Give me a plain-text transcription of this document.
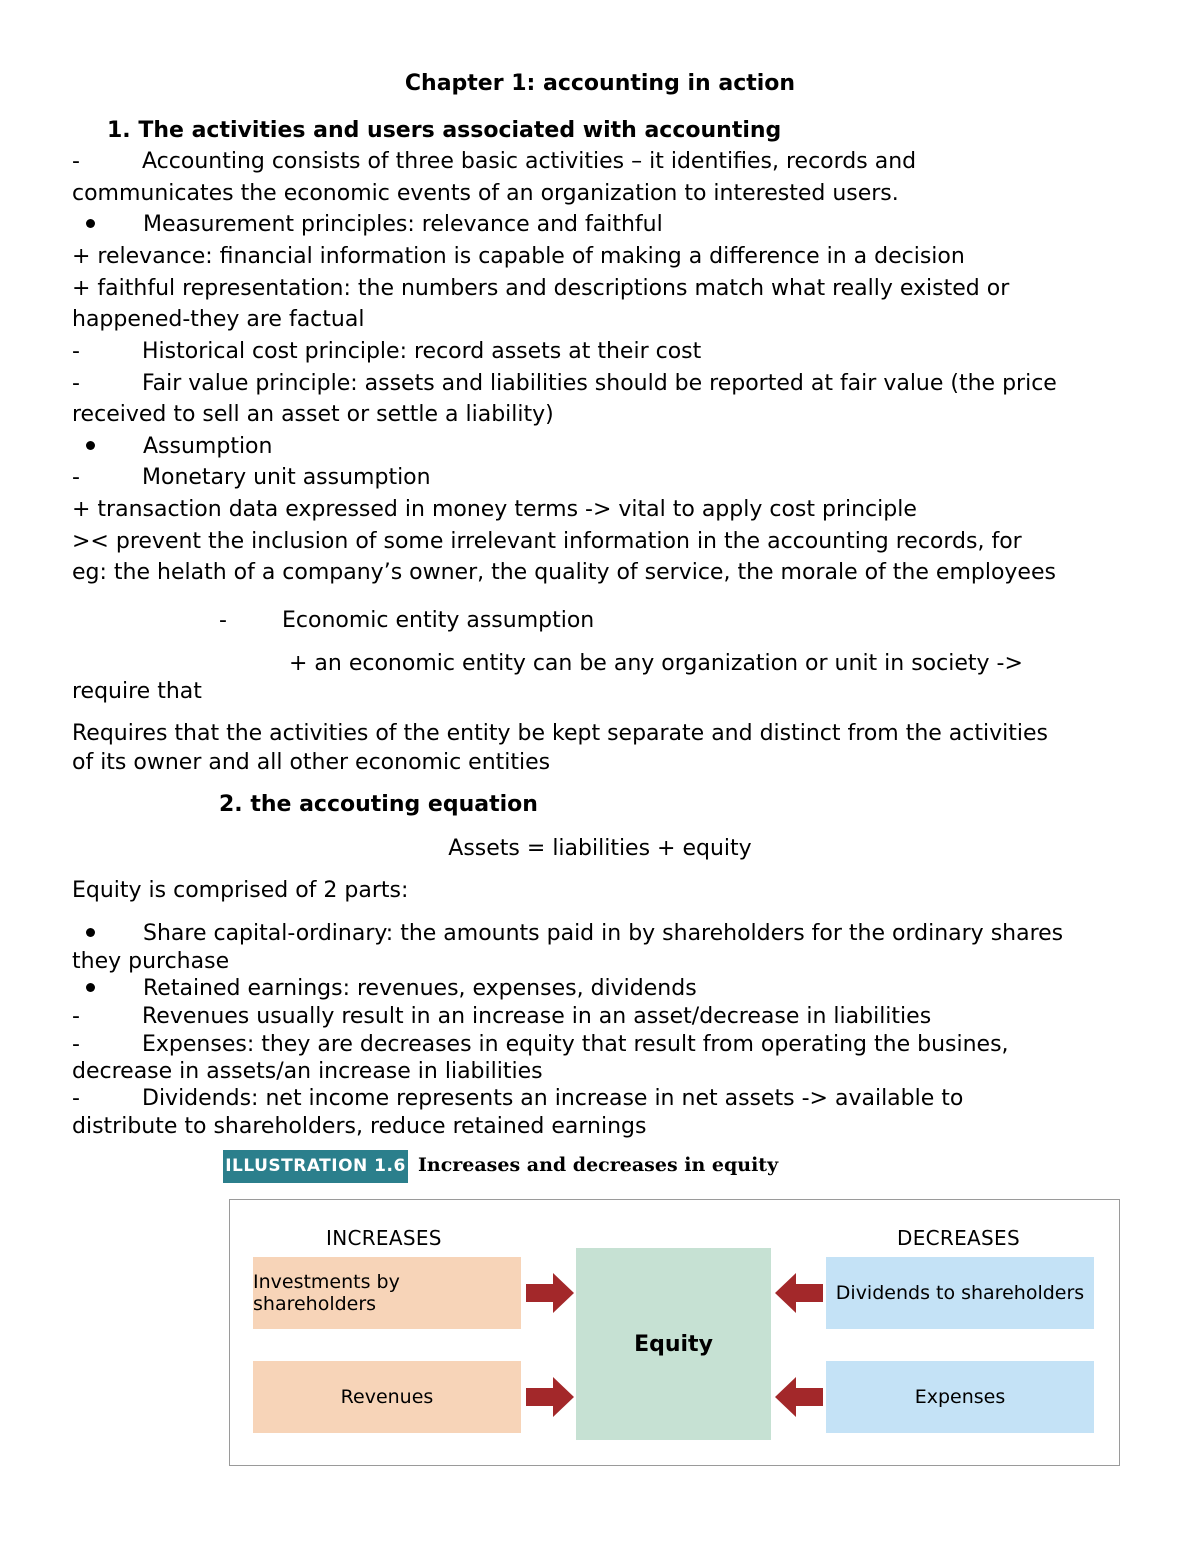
Chapter 1: accounting in action
1. The activities and users associated with accounting
-	Accounting consists of three basic activities – it identifies, records and
communicates the economic events of an organization to interested users.
Measurement principles: relevance and faithful
+ relevance: financial information is capable of making a difference in a decision
+ faithful representation: the numbers and descriptions match what really existed or
happened-they are factual
-	Historical cost principle: record assets at their cost
-	Fair value principle: assets and liabilities should be reported at fair value (the price
received to sell an asset or settle a liability)
Assumption
-	Monetary unit assumption
+ transaction data expressed in money terms -> vital to apply cost principle
>< prevent the inclusion of some irrelevant information in the accounting records, for
eg: the helath of a company’s owner, the quality of service, the morale of the employees
-	Economic entity assumption
+ an economic entity can be any organization or unit in society ->
require that
Requires that the activities of the entity be kept separate and distinct from the activities
of its owner and all other economic entities
2. the accouting equation
Assets = liabilities + equity
Equity is comprised of 2 parts:
Share capital-ordinary: the amounts paid in by shareholders for the ordinary shares
they purchase
Retained earnings: revenues, expenses, dividends
-	Revenues usually result in an increase in an asset/decrease in liabilities
-	Expenses: they are decreases in equity that result from operating the busines,
decrease in assets/an increase in liabilities
-	Dividends: net income represents an increase in net assets -> available to
distribute to shareholders, reduce retained earnings
ILLUSTRATION 1.6 Increases and decreases in equity
INCREASES	DECREASES
Investments by shareholders
Revenues
Equity
Dividends to shareholders
Expenses
